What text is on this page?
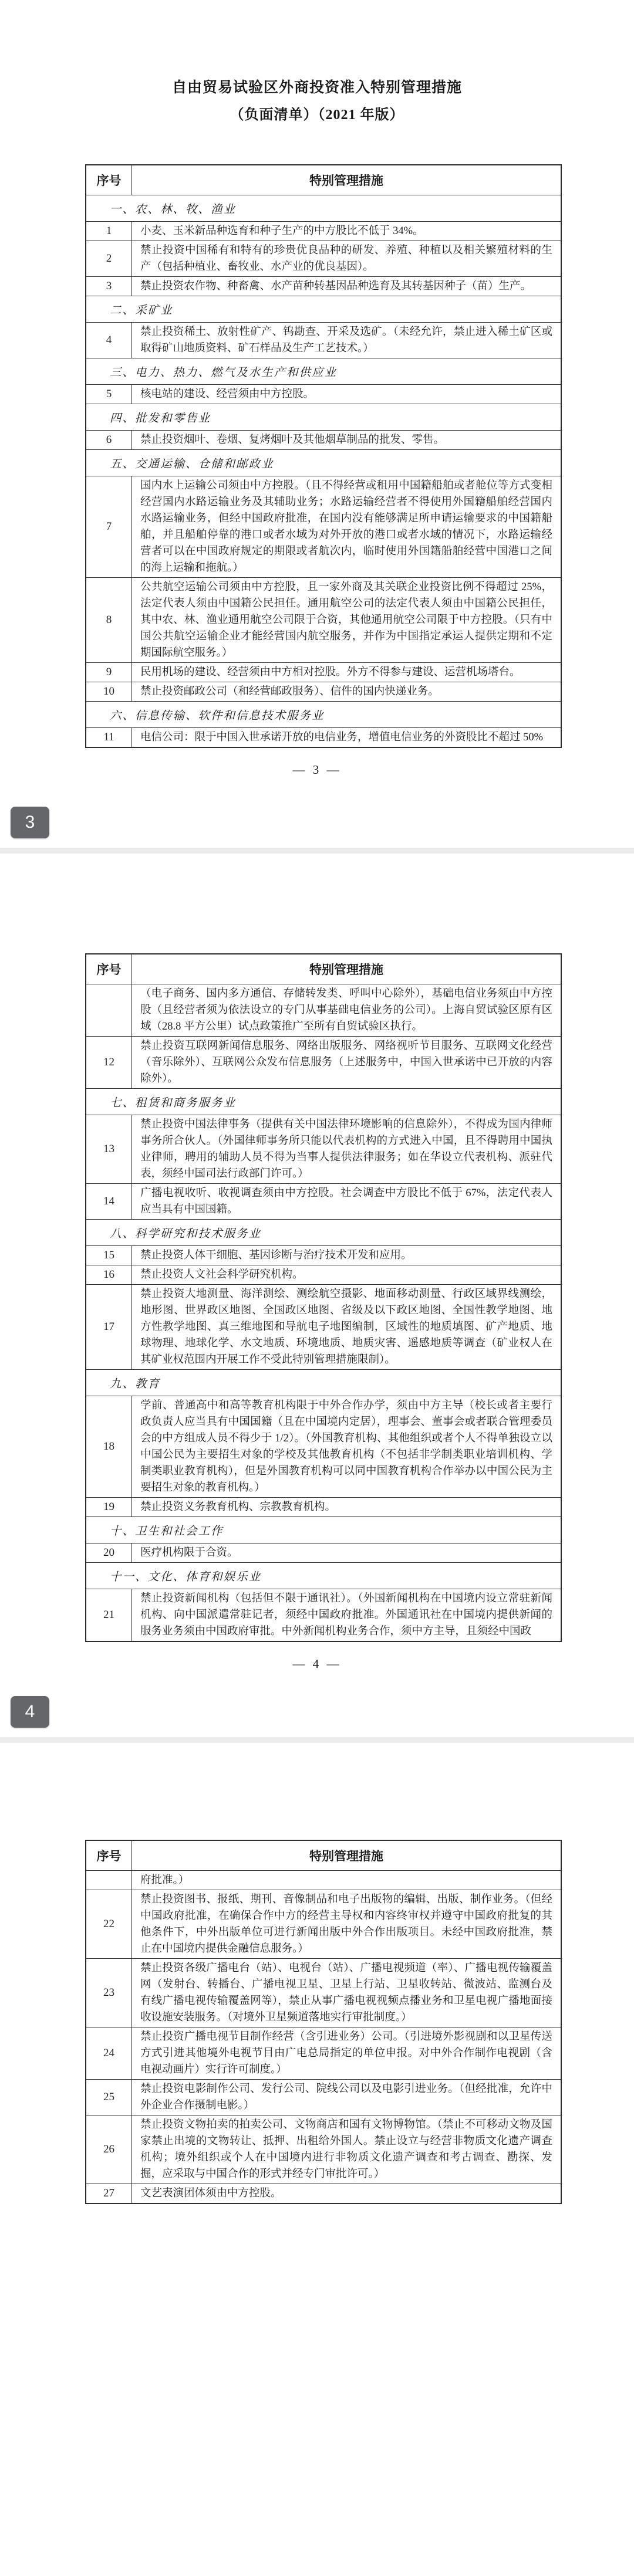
自由贸易试验区外商投资准入特别管理措施
（负面清单）（2021 年版）
序号	特别管理措施
一、农、林、牧、渔业	
1	小麦、玉米新品种选育和种子生产的中方股比不低于 34%。
2	禁止投资中国稀有和特有的珍贵优良品种的研发、养殖、种植以及相关繁殖材料的生产（包括种植业、畜牧业、水产业的优良基因）。
3	禁止投资农作物、种畜禽、水产苗种转基因品种选育及其转基因种子（苗）生产。
二、采矿业	
4	禁止投资稀土、放射性矿产、钨勘查、开采及选矿。（未经允许，禁止进入稀土矿区或取得矿山地质资料、矿石样品及生产工艺技术。）
三、电力、热力、燃气及水生产和供应业	
5	核电站的建设、经营须由中方控股。
四、批发和零售业	
6	禁止投资烟叶、卷烟、复烤烟叶及其他烟草制品的批发、零售。
五、交通运输、仓储和邮政业	
7	国内水上运输公司须由中方控股。（且不得经营或租用中国籍船舶或者舱位等方式变相经营国内水路运输业务及其辅助业务；水路运输经营者不得使用外国籍船舶经营国内水路运输业务，但经中国政府批准，在国内没有能够满足所申请运输要求的中国籍船舶，并且船舶停靠的港口或者水域为对外开放的港口或者水域的情况下，水路运输经营者可以在中国政府规定的期限或者航次内，临时使用外国籍船舶经营中国港口之间的海上运输和拖航。）
8	公共航空运输公司须由中方控股，且一家外商及其关联企业投资比例不得超过 25%，法定代表人须由中国籍公民担任。通用航空公司的法定代表人须由中国籍公民担任，其中农、林、渔业通用航空公司限于合资，其他通用航空公司限于中方控股。（只有中国公共航空运输企业才能经营国内航空服务，并作为中国指定承运人提供定期和不定期国际航空服务。）
9	民用机场的建设、经营须由中方相对控股。外方不得参与建设、运营机场塔台。
10	禁止投资邮政公司（和经营邮政服务）、信件的国内快递业务。
六、信息传输、软件和信息技术服务业	
11	电信公司：限于中国入世承诺开放的电信业务，增值电信业务的外资股比不超过 50%
— 3 —
3
序号	特别管理措施
	（电子商务、国内多方通信、存储转发类、呼叫中心除外），基础电信业务须由中方控股（且经营者须为依法设立的专门从事基础电信业务的公司）。上海自贸试验区原有区域（28.8 平方公里）试点政策推广至所有自贸试验区执行。
12	禁止投资互联网新闻信息服务、网络出版服务、网络视听节目服务、互联网文化经营（音乐除外）、互联网公众发布信息服务（上述服务中，中国入世承诺中已开放的内容除外）。
七、租赁和商务服务业	
13	禁止投资中国法律事务（提供有关中国法律环境影响的信息除外），不得成为国内律师事务所合伙人。（外国律师事务所只能以代表机构的方式进入中国，且不得聘用中国执业律师，聘用的辅助人员不得为当事人提供法律服务；如在华设立代表机构、派驻代表，须经中国司法行政部门许可。）
14	广播电视收听、收视调查须由中方控股。社会调查中方股比不低于 67%，法定代表人应当具有中国国籍。
八、科学研究和技术服务业	
15	禁止投资人体干细胞、基因诊断与治疗技术开发和应用。
16	禁止投资人文社会科学研究机构。
17	禁止投资大地测量、海洋测绘、测绘航空摄影、地面移动测量、行政区域界线测绘，地形图、世界政区地图、全国政区地图、省级及以下政区地图、全国性教学地图、地方性教学地图、真三维地图和导航电子地图编制，区域性的地质填图、矿产地质、地球物理、地球化学、水文地质、环境地质、地质灾害、遥感地质等调查（矿业权人在其矿业权范围内开展工作不受此特别管理措施限制）。
九、教育	
18	学前、普通高中和高等教育机构限于中外合作办学，须由中方主导（校长或者主要行政负责人应当具有中国国籍（且在中国境内定居），理事会、董事会或者联合管理委员会的中方组成人员不得少于 1/2）。（外国教育机构、其他组织或者个人不得单独设立以中国公民为主要招生对象的学校及其他教育机构（不包括非学制类职业培训机构、学制类职业教育机构），但是外国教育机构可以同中国教育机构合作举办以中国公民为主要招生对象的教育机构。）
19	禁止投资义务教育机构、宗教教育机构。
十、卫生和社会工作	
20	医疗机构限于合资。
十一、文化、体育和娱乐业	
21	禁止投资新闻机构（包括但不限于通讯社）。（外国新闻机构在中国境内设立常驻新闻机构、向中国派遣常驻记者，须经中国政府批准。外国通讯社在中国境内提供新闻的服务业务须由中国政府审批。中外新闻机构业务合作，须中方主导，且须经中国政
— 4 —
4
序号	特别管理措施
	府批准。）
22	禁止投资图书、报纸、期刊、音像制品和电子出版物的编辑、出版、制作业务。（但经中国政府批准，在确保合作中方的经营主导权和内容终审权并遵守中国政府批复的其他条件下，中外出版单位可进行新闻出版中外合作出版项目。未经中国政府批准，禁止在中国境内提供金融信息服务。）
23	禁止投资各级广播电台（站）、电视台（站）、广播电视频道（率）、广播电视传输覆盖网（发射台、转播台、广播电视卫星、卫星上行站、卫星收转站、微波站、监测台及有线广播电视传输覆盖网等），禁止从事广播电视视频点播业务和卫星电视广播地面接收设施安装服务。（对境外卫星频道落地实行审批制度。）
24	禁止投资广播电视节目制作经营（含引进业务）公司。（引进境外影视剧和以卫星传送方式引进其他境外电视节目由广电总局指定的单位申报。对中外合作制作电视剧（含电视动画片）实行许可制度。）
25	禁止投资电影制作公司、发行公司、院线公司以及电影引进业务。（但经批准，允许中外企业合作摄制电影。）
26	禁止投资文物拍卖的拍卖公司、文物商店和国有文物博物馆。（禁止不可移动文物及国家禁止出境的文物转让、抵押、出租给外国人。禁止设立与经营非物质文化遗产调查机构；境外组织或个人在中国境内进行非物质文化遗产调查和考古调查、勘探、发掘，应采取与中国合作的形式并经专门审批许可。）
27	文艺表演团体须由中方控股。
